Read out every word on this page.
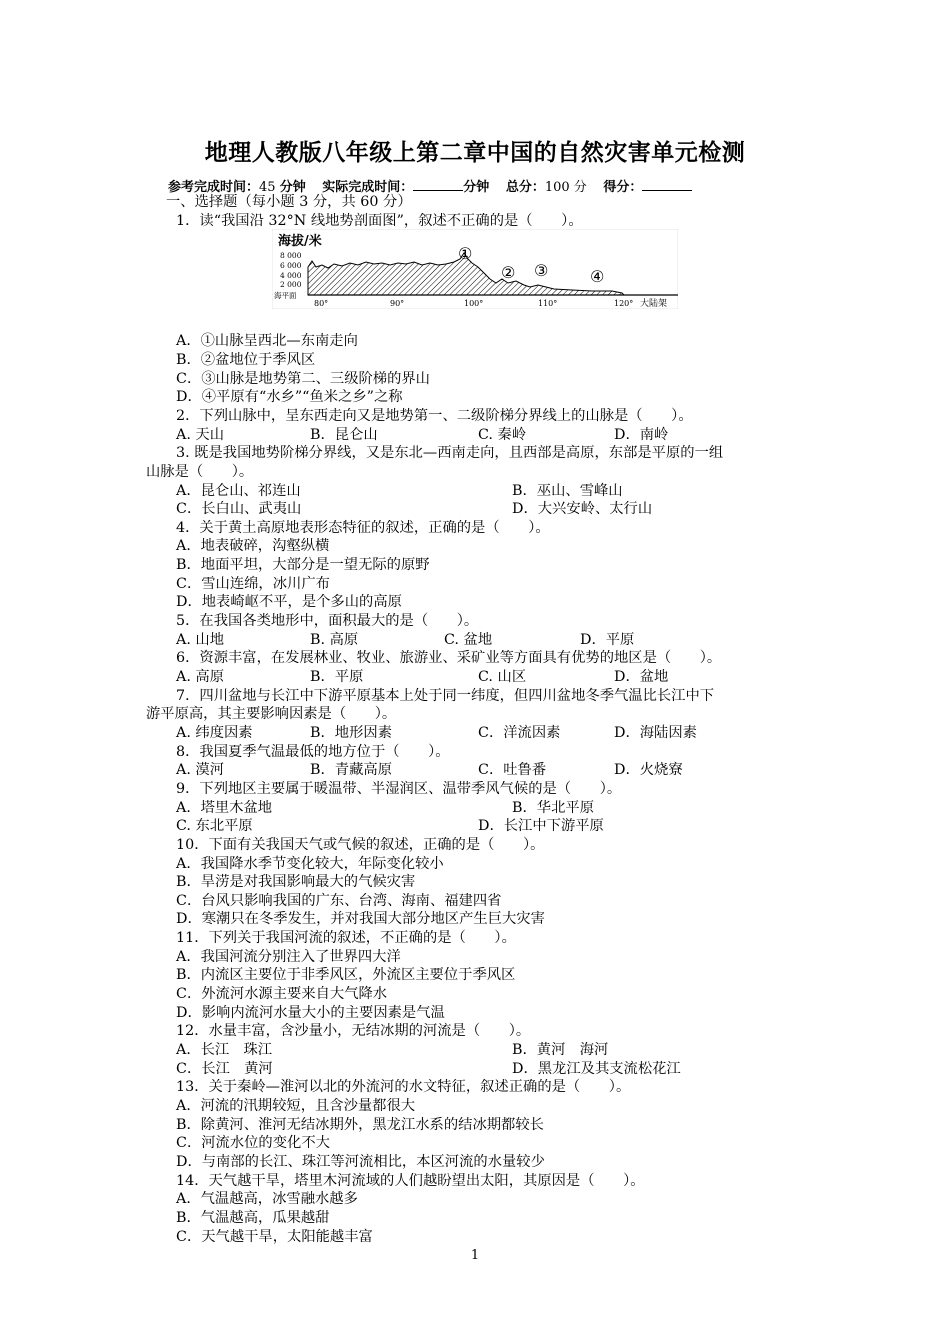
地理人教版八年级上第二章中国的自然灾害单元检测
参考完成时间：45 分钟 实际完成时间：	分钟 总分：100 分 得分：
海拔/米
8 000
6 000
4 000
2 000
海平面
①
② ③	④
80°	90°	100°	110°	120° 大陆架
一、选择题（每小题 3 分，共 60 分）
1．读“我国沿 32°N 线地势剖面图”，叙述不正确的是（　　）。
A．①山脉呈西北—东南走向
B．②盆地位于季风区
C．③山脉是地势第二、三级阶梯的界山
D．④平原有“水乡”“鱼米之乡”之称
2．下列山脉中，呈东西走向又是地势第一、二级阶梯分界线上的山脉是（　　）。
A. 天山	B．昆仑山	C. 秦岭	D．南岭
3. 既是我国地势阶梯分界线，又是东北—西南走向，且西部是高原，东部是平原的一组
山脉是（　　）。
A．昆仑山、祁连山	B．巫山、雪峰山
C．长白山、武夷山	D．大兴安岭、太行山
4．关于黄土高原地表形态特征的叙述，正确的是（　　）。
A．地表破碎，沟壑纵横
B．地面平坦，大部分是一望无际的原野
C．雪山连绵，冰川广布
D．地表崎岖不平，是个多山的高原
5．在我国各类地形中，面积最大的是（　　）。
A. 山地	B. 高原	C. 盆地	D．平原
6．资源丰富，在发展林业、牧业、旅游业、采矿业等方面具有优势的地区是（　　）。
A. 高原	B．平原	C. 山区	D．盆地
7．四川盆地与长江中下游平原基本上处于同一纬度，但四川盆地冬季气温比长江中下
游平原高，其主要影响因素是（　　）。
A. 纬度因素	B．地形因素	C．洋流因素	D．海陆因素
8．我国夏季气温最低的地方位于（　　）。
A. 漠河	B．青藏高原	C．吐鲁番	D．火烧寮
9．下列地区主要属于暖温带、半湿润区、温带季风气候的是（　　）。
A．塔里木盆地	B．华北平原
C. 东北平原	D．长江中下游平原
10．下面有关我国天气或气候的叙述，正确的是（　　）。
A．我国降水季节变化较大，年际变化较小
B．旱涝是对我国影响最大的气候灾害
C．台风只影响我国的广东、台湾、海南、福建四省
D．寒潮只在冬季发生，并对我国大部分地区产生巨大灾害
11．下列关于我国河流的叙述，不正确的是（　　）。
A．我国河流分别注入了世界四大洋
B．内流区主要位于非季风区，外流区主要位于季风区
C．外流河水源主要来自大气降水
D．影响内流河水量大小的主要因素是气温
12．水量丰富，含沙量小，无结冰期的河流是（　　）。
A．长江　珠江	B．黄河　海河
C．长江　黄河	D．黑龙江及其支流松花江
13．关于秦岭—淮河以北的外流河的水文特征，叙述正确的是（　　）。
A．河流的汛期较短，且含沙量都很大
B．除黄河、淮河无结冰期外，黑龙江水系的结冰期都较长
C．河流水位的变化不大
D．与南部的长江、珠江等河流相比，本区河流的水量较少
14．天气越干旱，塔里木河流域的人们越盼望出太阳，其原因是（　　）。
A．气温越高，冰雪融水越多
B．气温越高，瓜果越甜
C．天气越干旱，太阳能越丰富
1
